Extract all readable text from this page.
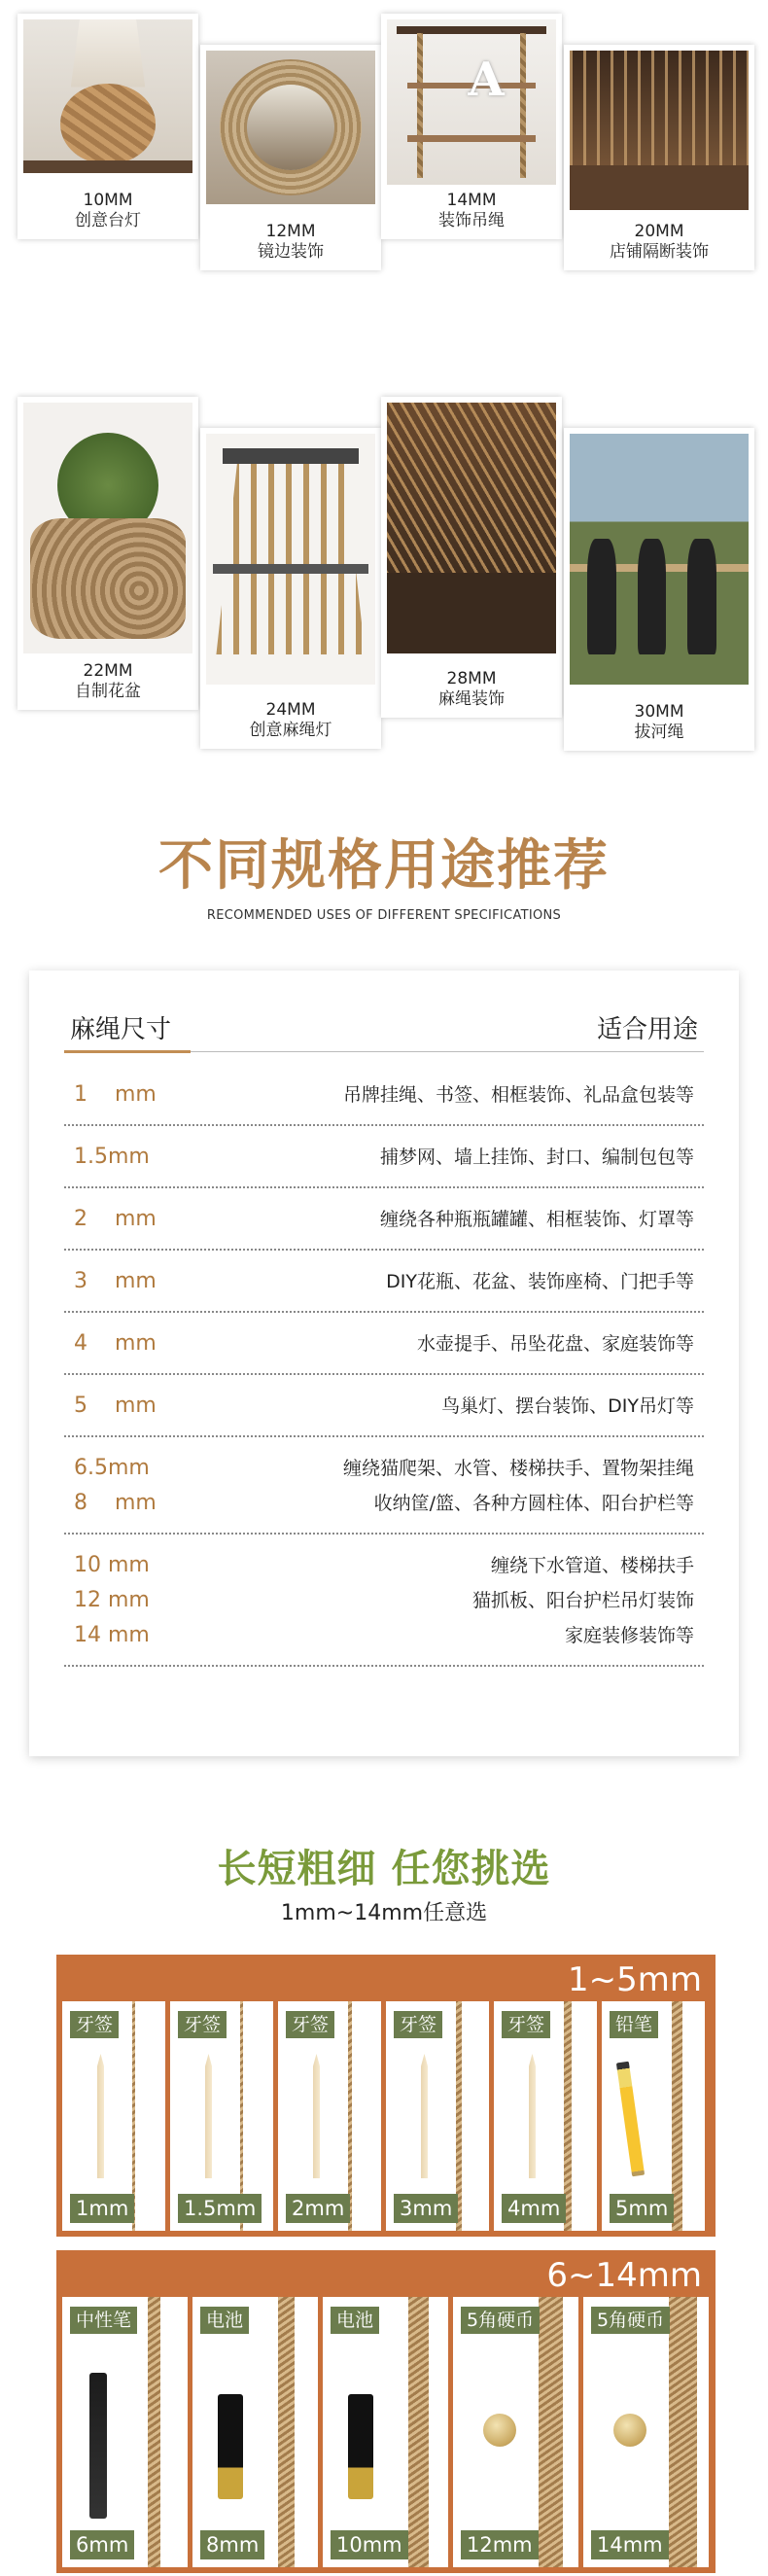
10MM
创意台灯
12MM
镜边装饰
A
14MM
装饰吊绳
20MM
店铺隔断装饰
22MM
自制花盆
24MM
创意麻绳灯
28MM
麻绳装饰
30MM
拔河绳
不同规格用途推荐
RECOMMENDED USES OF DIFFERENT SPECIFICATIONS
麻绳尺寸	适合用途
1    mm	吊牌挂绳、书签、相框装饰、礼品盒包装等
1.5mm	捕梦网、墙上挂饰、封口、编制包包等
2    mm	缠绕各种瓶瓶罐罐、相框装饰、灯罩等
3    mm	DIY花瓶、花盆、装饰座椅、门把手等
4    mm	水壶提手、吊坠花盘、家庭装饰等
5    mm	鸟巢灯、摆台装饰、DIY吊灯等
6.5mm	缠绕猫爬架、水管、楼梯扶手、置物架挂绳
8    mm	收纳筐/篮、各种方圆柱体、阳台护栏等
10 mm	缠绕下水管道、楼梯扶手
12 mm	猫抓板、阳台护栏吊灯装饰
14 mm	家庭装修装饰等
长短粗细 任您挑选
1mm~14mm任意选
1~5mm
牙签
1mm
牙签
1.5mm
牙签
2mm
牙签
3mm
牙签
4mm
铅笔
5mm
6~14mm
中性笔
6mm
电池
8mm
电池
10mm
5角硬币
12mm
5角硬币
14mm
